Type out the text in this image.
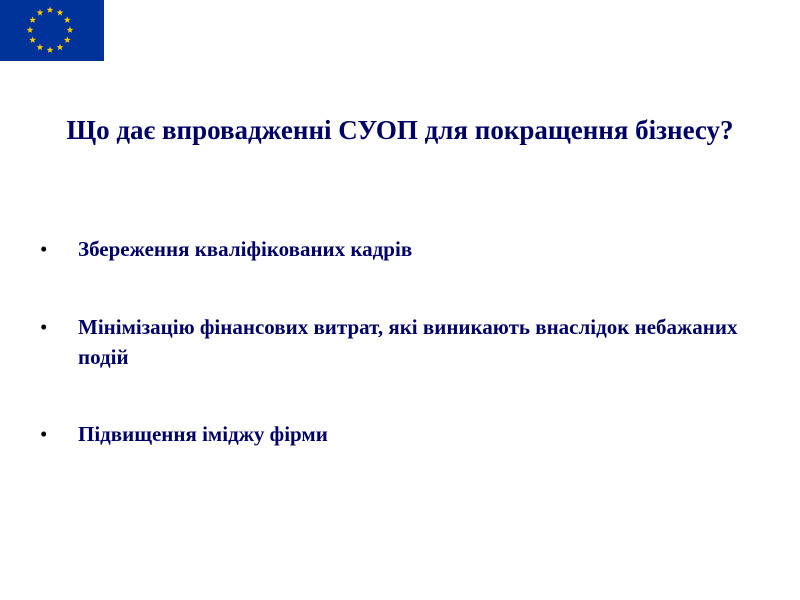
Що дає впровадженні СУОП для покращення бізнесу?
•	Збереження кваліфікованих кадрів
•	Мінімізацію фінансових витрат, які виникають внаслідок небажаних подій
•	Підвищення іміджу фірми
